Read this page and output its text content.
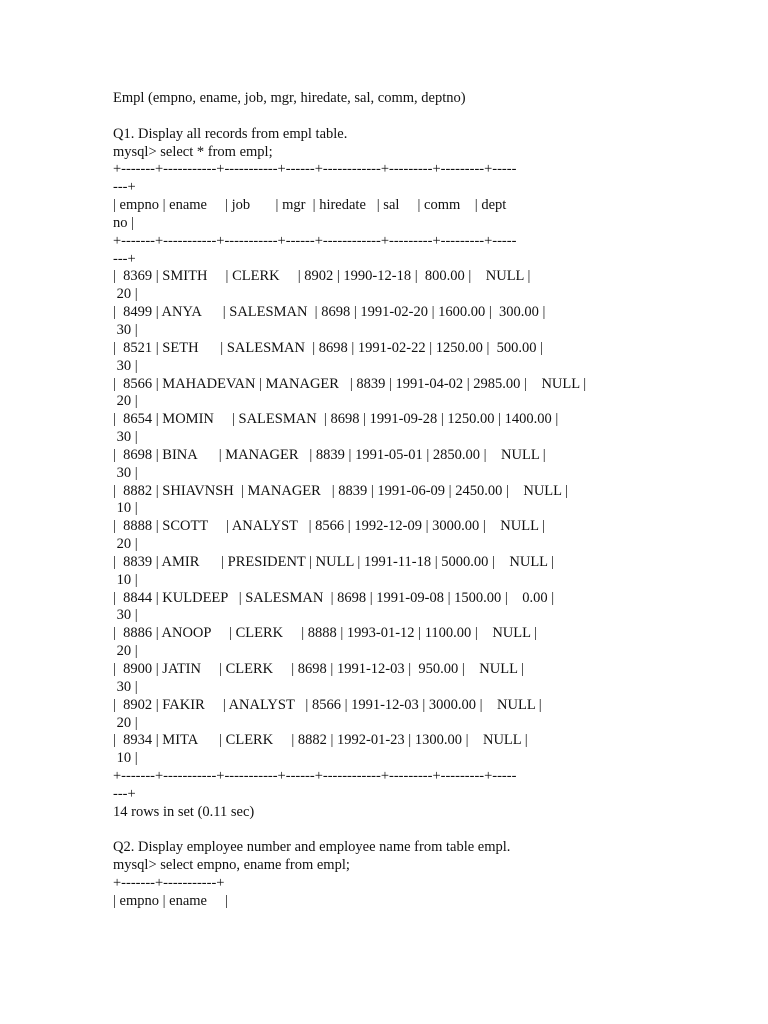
Empl (empno, ename, job, mgr, hiredate, sal, comm, deptno)
Q1. Display all records from empl table.
mysql> select * from empl;
+-------+-----------+-----------+------+------------+---------+---------+-----
---+
| empno | ename     | job       | mgr  | hiredate   | sal     | comm    | dept
no |
+-------+-----------+-----------+------+------------+---------+---------+-----
---+
|  8369 | SMITH     | CLERK     | 8902 | 1990-12-18 |  800.00 |    NULL |
20 |
|  8499 | ANYA      | SALESMAN  | 8698 | 1991-02-20 | 1600.00 |  300.00 |
30 |
|  8521 | SETH      | SALESMAN  | 8698 | 1991-02-22 | 1250.00 |  500.00 |
30 |
|  8566 | MAHADEVAN | MANAGER   | 8839 | 1991-04-02 | 2985.00 |    NULL |
20 |
|  8654 | MOMIN     | SALESMAN  | 8698 | 1991-09-28 | 1250.00 | 1400.00 |
30 |
|  8698 | BINA      | MANAGER   | 8839 | 1991-05-01 | 2850.00 |    NULL |
30 |
|  8882 | SHIAVNSH  | MANAGER   | 8839 | 1991-06-09 | 2450.00 |    NULL |
10 |
|  8888 | SCOTT     | ANALYST   | 8566 | 1992-12-09 | 3000.00 |    NULL |
20 |
|  8839 | AMIR      | PRESIDENT | NULL | 1991-11-18 | 5000.00 |    NULL |
10 |
|  8844 | KULDEEP   | SALESMAN  | 8698 | 1991-09-08 | 1500.00 |    0.00 |
30 |
|  8886 | ANOOP     | CLERK     | 8888 | 1993-01-12 | 1100.00 |    NULL |
20 |
|  8900 | JATIN     | CLERK     | 8698 | 1991-12-03 |  950.00 |    NULL |
30 |
|  8902 | FAKIR     | ANALYST   | 8566 | 1991-12-03 | 3000.00 |    NULL |
20 |
|  8934 | MITA      | CLERK     | 8882 | 1992-01-23 | 1300.00 |    NULL |
10 |
+-------+-----------+-----------+------+------------+---------+---------+-----
---+
14 rows in set (0.11 sec)
Q2. Display employee number and employee name from table empl.
mysql> select empno, ename from empl;
+-------+-----------+
| empno | ename     |
